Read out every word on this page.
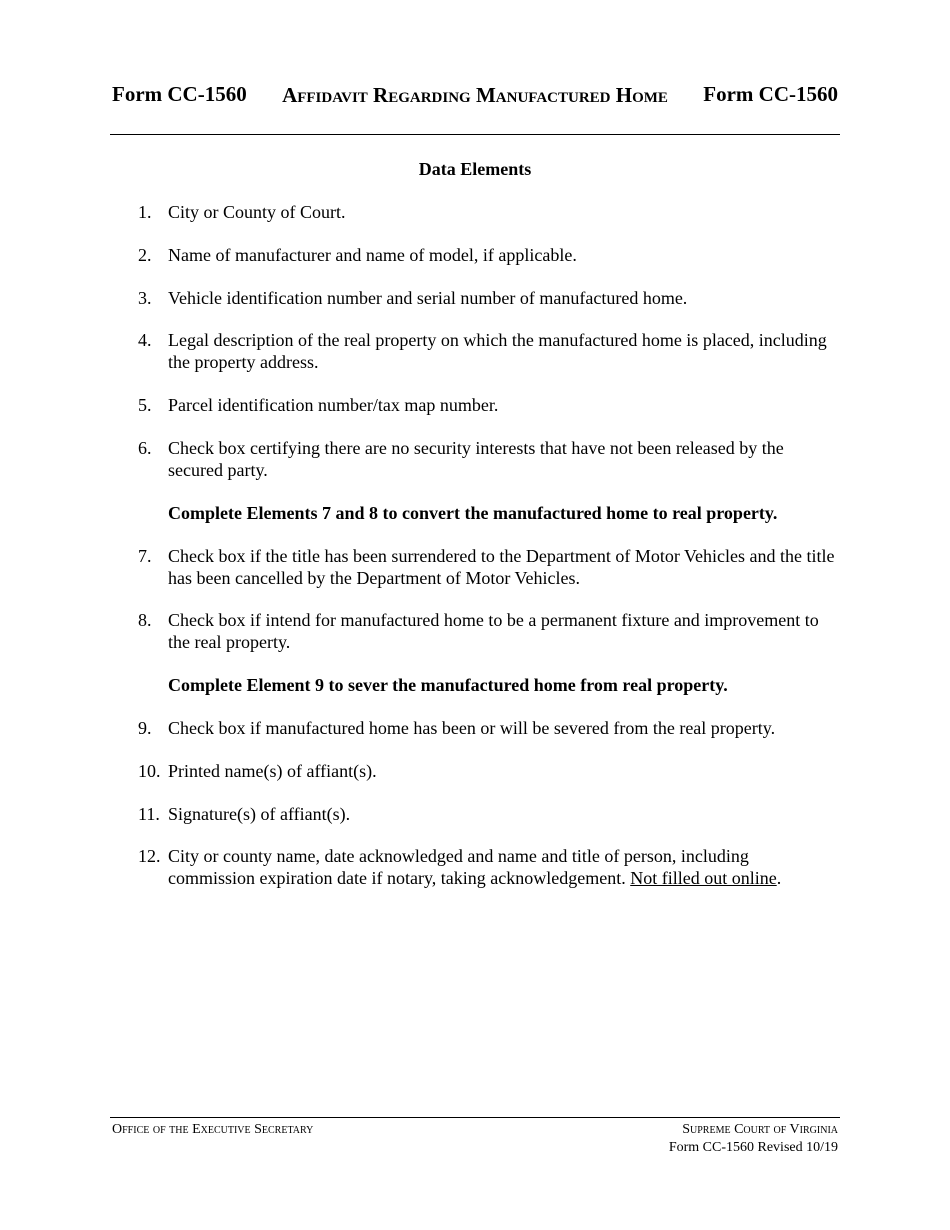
Form CC-1560 Affidavit Regarding Manufactured Home Form CC-1560
Data Elements
1. City or County of Court.
2. Name of manufacturer and name of model, if applicable.
3. Vehicle identification number and serial number of manufactured home.
4. Legal description of the real property on which the manufactured home is placed, including the property address.
5. Parcel identification number/tax map number.
6. Check box certifying there are no security interests that have not been released by the secured party.
Complete Elements 7 and 8 to convert the manufactured home to real property.
7. Check box if the title has been surrendered to the Department of Motor Vehicles and the title has been cancelled by the Department of Motor Vehicles.
8. Check box if intend for manufactured home to be a permanent fixture and improvement to the real property.
Complete Element 9 to sever the manufactured home from real property.
9. Check box if manufactured home has been or will be severed from the real property.
10. Printed name(s) of affiant(s).
11. Signature(s) of affiant(s).
12. City or county name, date acknowledged and name and title of person, including commission expiration date if notary, taking acknowledgement. Not filled out online.
Office of the Executive Secretary	Supreme Court of Virginia
Form CC-1560 Revised 10/19
